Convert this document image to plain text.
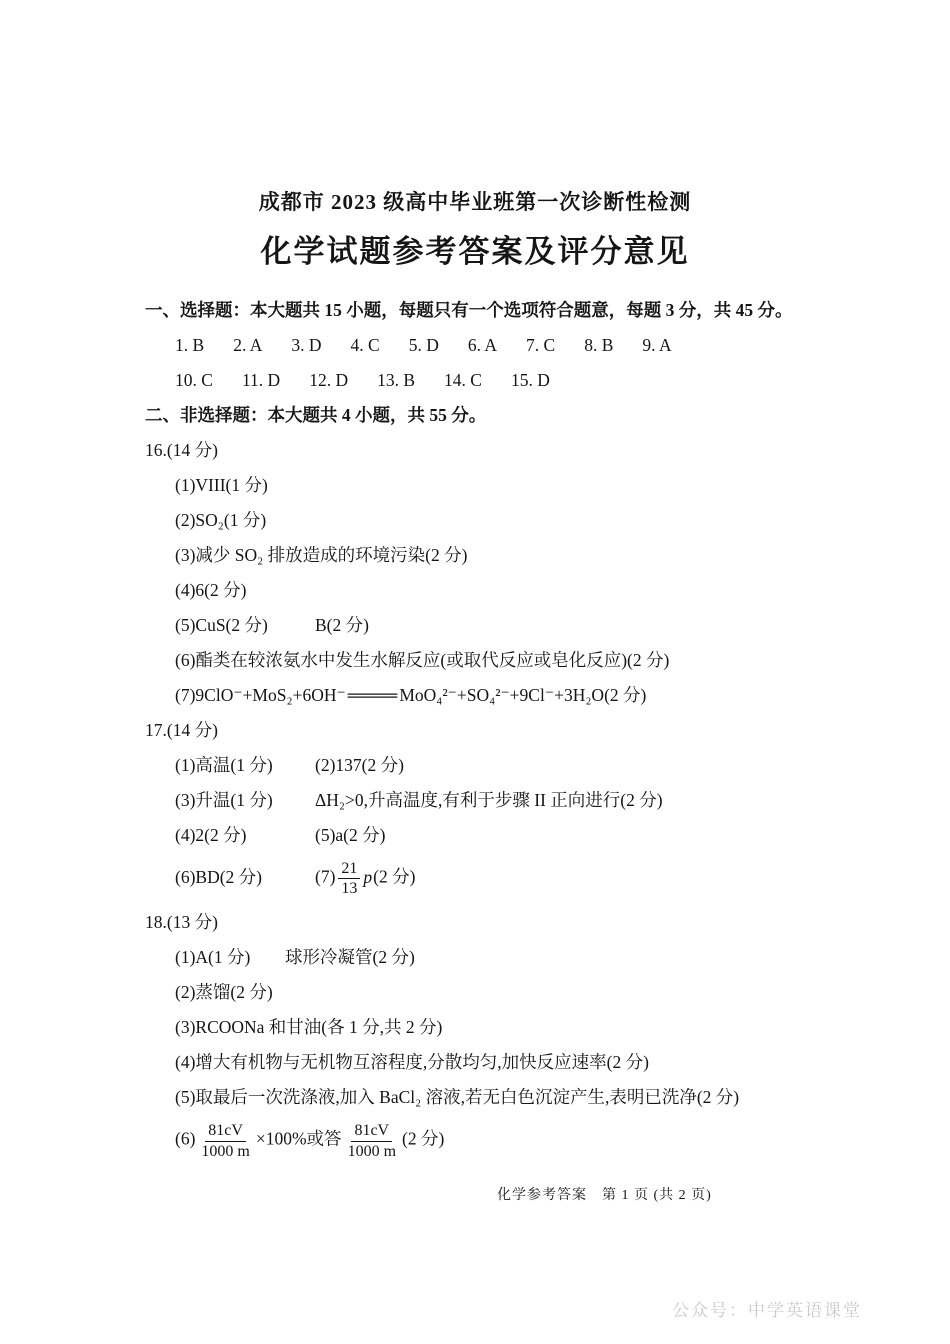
成都市 2023 级高中毕业班第一次诊断性检测
化学试题参考答案及评分意见

一、选择题：本大题共 15 小题，每题只有一个选项符合题意，每题 3 分，共 45 分。

1. B 2. A 3. D 4. C 5. D 6. A 7. C 8. B 9. A
10. C 11. D 12. D 13. B 14. C 15. D

二、非选择题：本大题共 4 小题，共 55 分。

16.(14 分)

(1)VIII(1 分)

(2)SO₂(1 分)

(3)减少 SO₂ 排放造成的环境污染(2 分)

(4)6(2 分)

(5)CuS(2 分)	B(2 分)

(6)酯类在较浓氨水中发生水解反应(或取代反应或皂化反应)(2 分)

(7)9ClO⁻+MoS₂+6OH⁻ ════ MoO₄²⁻+SO₄²⁻+9Cl⁻+3H₂O(2 分)

17.(14 分)

(1)高温(1 分) (2)137(2 分)

(3)升温(1 分) ΔH₂>0,升高温度,有利于步骤 II 正向进行(2 分)

(4)2(2 分)	(5)a(2 分)

(6)BD(2 分)	$(7) \frac{21}{13} p(2$ 分)

18.(13 分)

(1)A(1 分) 球形冷凝管(2 分)

(2)蒸馏(2 分)

(3)RCOONa 和甘油(各 1 分,共 2 分)

(4)增大有机物与无机物互溶程度,分散均匀,加快反应速率(2 分)

(5)取最后一次洗涤液,加入 BaCl₂ 溶液,若无白色沉淀产生,表明已洗净(2 分)

$(6) \frac{81cV}{1000 m} \times 100\%$或答 $\frac{81cV}{1000 m} (2$ 分)

化学参考答案　第 1 页 (共 2 页)
公众号：中学英语课堂
